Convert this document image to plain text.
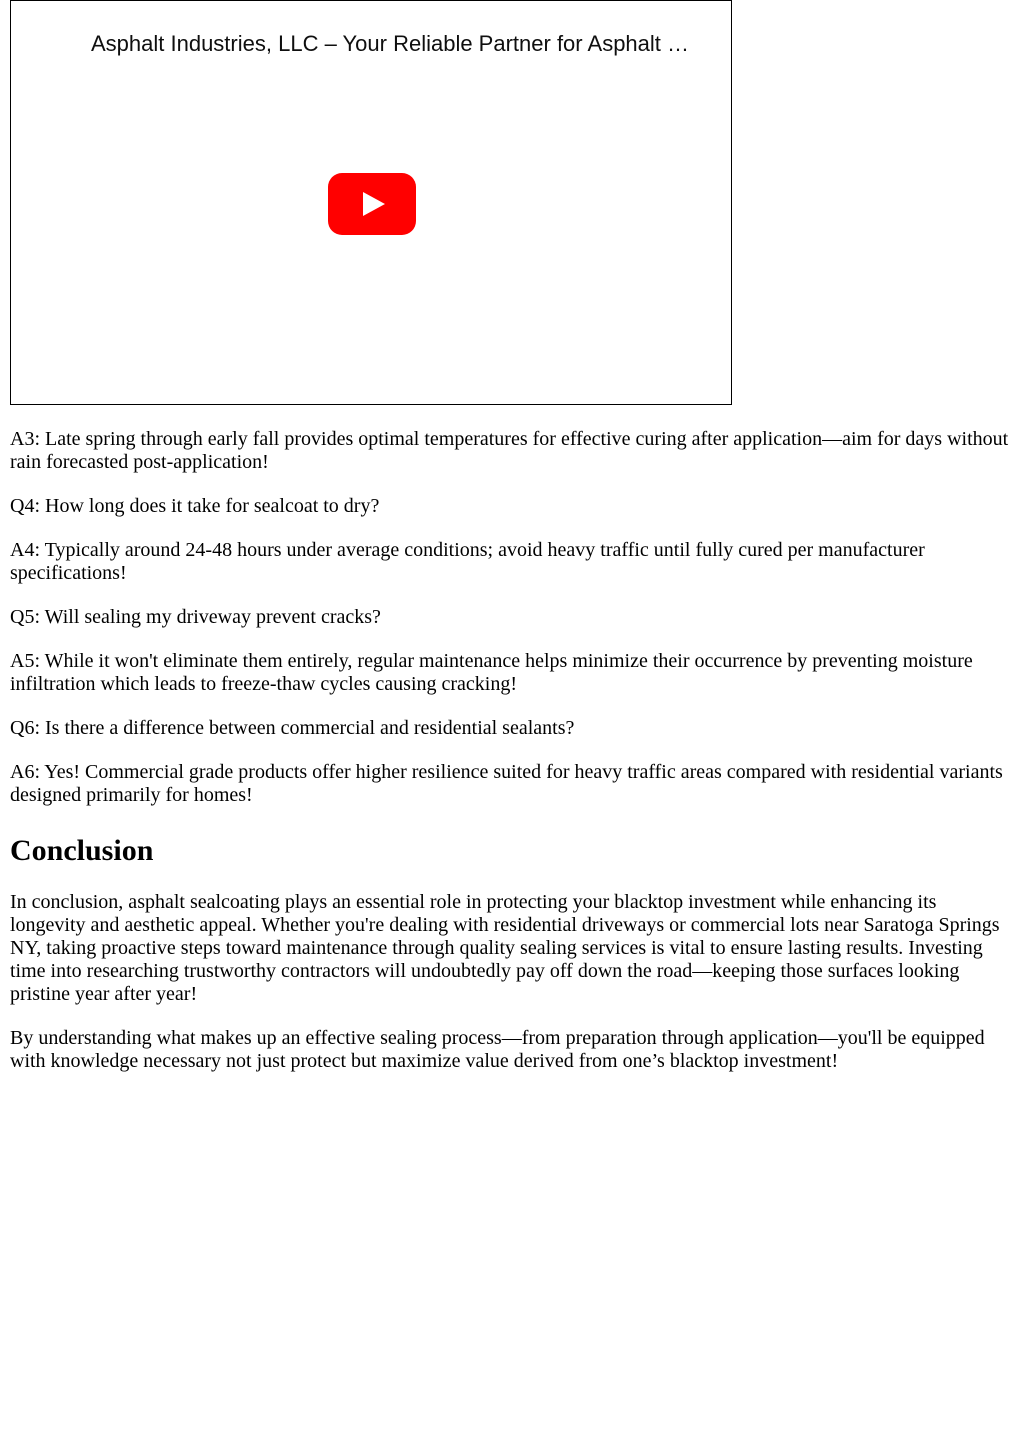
Asphalt Industries, LLC – Your Reliable Partner for Asphalt …

A3: Late spring through early fall provides optimal temperatures for effective curing after application—aim for days without rain forecasted post-application!

Q4: How long does it take for sealcoat to dry?

A4: Typically around 24-48 hours under average conditions; avoid heavy traffic until fully cured per manufacturer specifications!

Q5: Will sealing my driveway prevent cracks?

A5: While it won't eliminate them entirely, regular maintenance helps minimize their occurrence by preventing moisture infiltration which leads to freeze-thaw cycles causing cracking!

Q6: Is there a difference between commercial and residential sealants?

A6: Yes! Commercial grade products offer higher resilience suited for heavy traffic areas compared with residential variants designed primarily for homes!

Conclusion

In conclusion, asphalt sealcoating plays an essential role in protecting your blacktop investment while enhancing its longevity and aesthetic appeal. Whether you're dealing with residential driveways or commercial lots near Saratoga Springs NY, taking proactive steps toward maintenance through quality sealing services is vital to ensure lasting results. Investing time into researching trustworthy contractors will undoubtedly pay off down the road—keeping those surfaces looking pristine year after year!

By understanding what makes up an effective sealing process—from preparation through application—you'll be equipped with knowledge necessary not just protect but maximize value derived from one’s blacktop investment!
